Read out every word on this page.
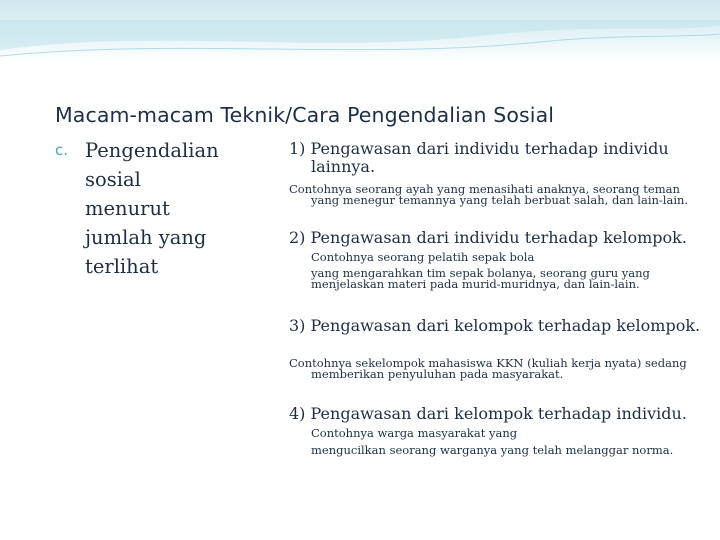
Macam-macam Teknik/Cara Pengendalian Sosial
c. Pengendalian
sosial
menurut
jumlah yang
terlihat
1) Pengawasan dari individu terhadap individu lainnya.
Contohnya seorang ayah yang menasihati anaknya, seorang teman yang menegur temannya yang telah berbuat salah, dan lain-lain.
2) Pengawasan dari individu terhadap kelompok. Contohnya seorang pelatih sepak bola
yang mengarahkan tim sepak bolanya, seorang guru yang menjelaskan materi pada murid-muridnya, dan lain-lain.
3) Pengawasan dari kelompok terhadap kelompok.
Contohnya sekelompok mahasiswa KKN (kuliah kerja nyata) sedang memberikan penyuluhan pada masyarakat.
4) Pengawasan dari kelompok terhadap individu. Contohnya warga masyarakat yang
mengucilkan seorang warganya yang telah melanggar norma.
